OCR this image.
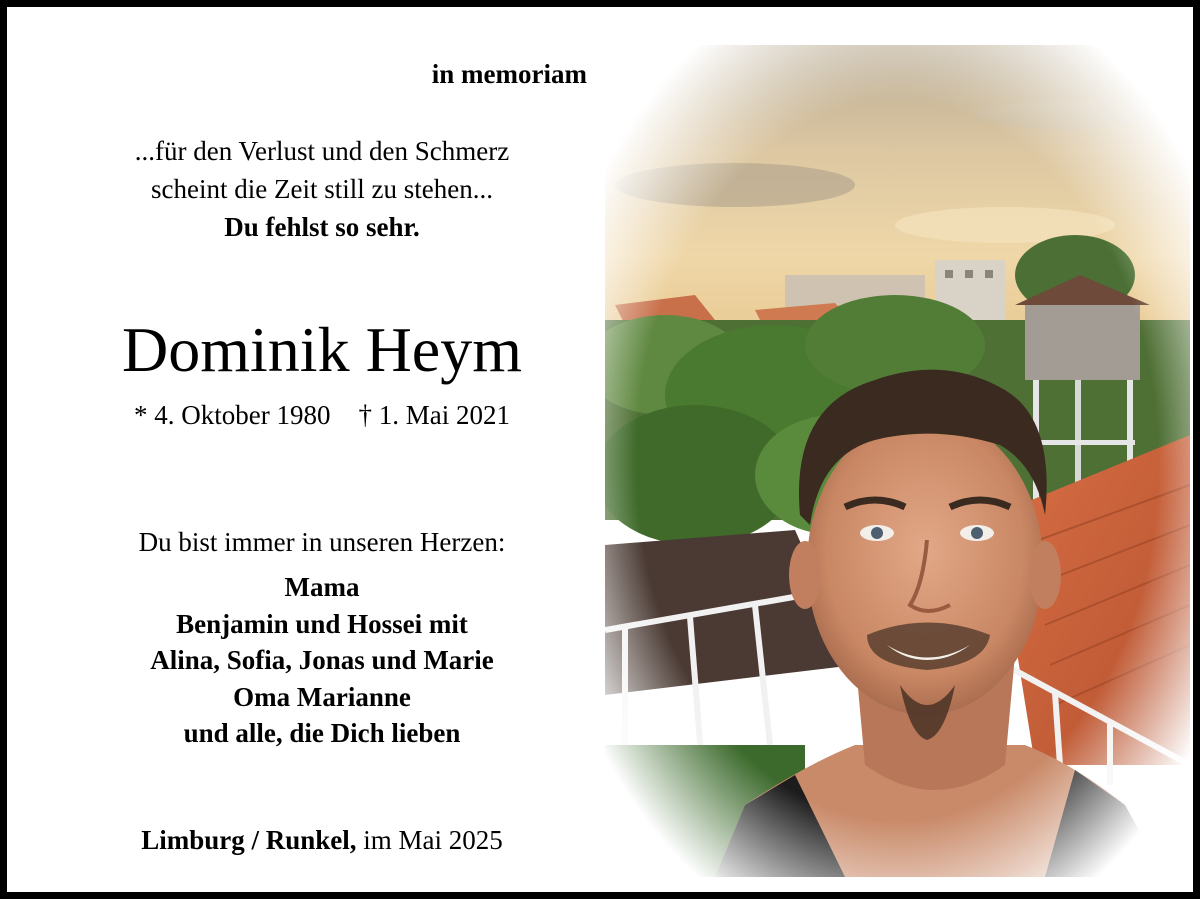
in memoriam
...für den Verlust und den Schmerz
scheint die Zeit still zu stehen...
Du fehlst so sehr.
Dominik Heym
* 4. Oktober 1980 † 1. Mai 2021
Du bist immer in unseren Herzen:
Mama
Benjamin und Hossei mit
Alina, Sofia, Jonas und Marie
Oma Marianne
und alle, die Dich lieben
Limburg / Runkel, im Mai 2025
